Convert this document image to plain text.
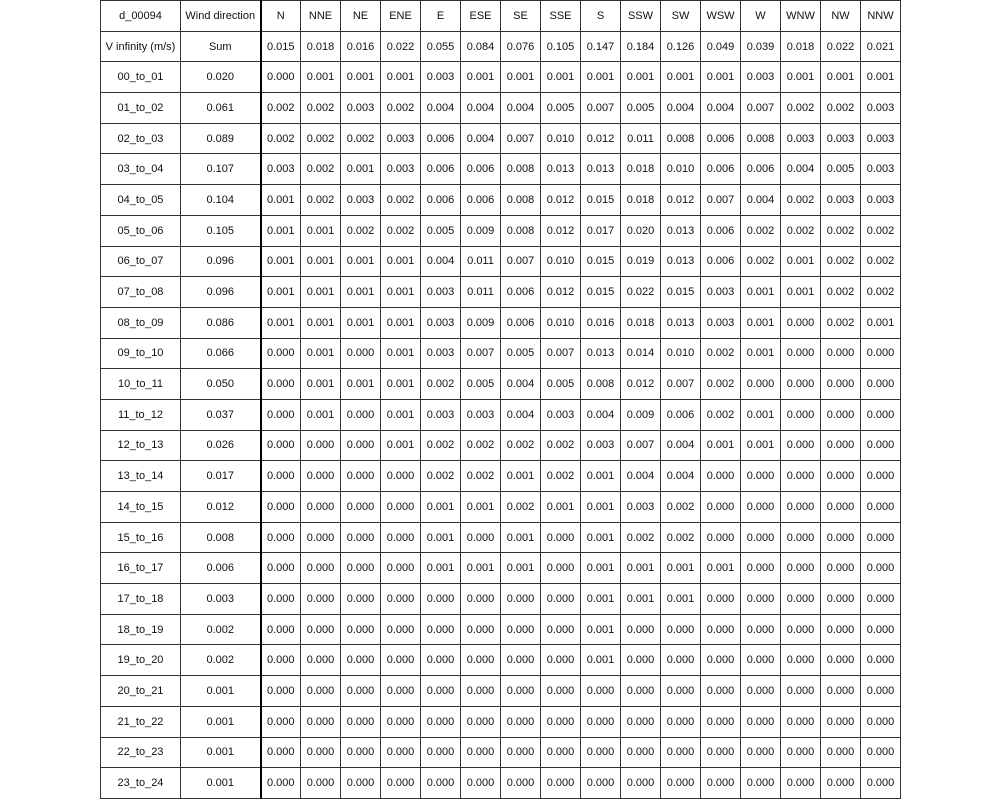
d_00094	Wind direction	N	NNE	NE	ENE	E	ESE	SE	SSE	S	SSW	SW	WSW	W	WNW	NW	NNW
V infinity (m/s)	Sum	0.015	0.018	0.016	0.022	0.055	0.084	0.076	0.105	0.147	0.184	0.126	0.049	0.039	0.018	0.022	0.021
00_to_01	0.020	0.000	0.001	0.001	0.001	0.003	0.001	0.001	0.001	0.001	0.001	0.001	0.001	0.003	0.001	0.001	0.001
01_to_02	0.061	0.002	0.002	0.003	0.002	0.004	0.004	0.004	0.005	0.007	0.005	0.004	0.004	0.007	0.002	0.002	0.003
02_to_03	0.089	0.002	0.002	0.002	0.003	0.006	0.004	0.007	0.010	0.012	0.011	0.008	0.006	0.008	0.003	0.003	0.003
03_to_04	0.107	0.003	0.002	0.001	0.003	0.006	0.006	0.008	0.013	0.013	0.018	0.010	0.006	0.006	0.004	0.005	0.003
04_to_05	0.104	0.001	0.002	0.003	0.002	0.006	0.006	0.008	0.012	0.015	0.018	0.012	0.007	0.004	0.002	0.003	0.003
05_to_06	0.105	0.001	0.001	0.002	0.002	0.005	0.009	0.008	0.012	0.017	0.020	0.013	0.006	0.002	0.002	0.002	0.002
06_to_07	0.096	0.001	0.001	0.001	0.001	0.004	0.011	0.007	0.010	0.015	0.019	0.013	0.006	0.002	0.001	0.002	0.002
07_to_08	0.096	0.001	0.001	0.001	0.001	0.003	0.011	0.006	0.012	0.015	0.022	0.015	0.003	0.001	0.001	0.002	0.002
08_to_09	0.086	0.001	0.001	0.001	0.001	0.003	0.009	0.006	0.010	0.016	0.018	0.013	0.003	0.001	0.000	0.002	0.001
09_to_10	0.066	0.000	0.001	0.000	0.001	0.003	0.007	0.005	0.007	0.013	0.014	0.010	0.002	0.001	0.000	0.000	0.000
10_to_11	0.050	0.000	0.001	0.001	0.001	0.002	0.005	0.004	0.005	0.008	0.012	0.007	0.002	0.000	0.000	0.000	0.000
11_to_12	0.037	0.000	0.001	0.000	0.001	0.003	0.003	0.004	0.003	0.004	0.009	0.006	0.002	0.001	0.000	0.000	0.000
12_to_13	0.026	0.000	0.000	0.000	0.001	0.002	0.002	0.002	0.002	0.003	0.007	0.004	0.001	0.001	0.000	0.000	0.000
13_to_14	0.017	0.000	0.000	0.000	0.000	0.002	0.002	0.001	0.002	0.001	0.004	0.004	0.000	0.000	0.000	0.000	0.000
14_to_15	0.012	0.000	0.000	0.000	0.000	0.001	0.001	0.002	0.001	0.001	0.003	0.002	0.000	0.000	0.000	0.000	0.000
15_to_16	0.008	0.000	0.000	0.000	0.000	0.001	0.000	0.001	0.000	0.001	0.002	0.002	0.000	0.000	0.000	0.000	0.000
16_to_17	0.006	0.000	0.000	0.000	0.000	0.001	0.001	0.001	0.000	0.001	0.001	0.001	0.001	0.000	0.000	0.000	0.000
17_to_18	0.003	0.000	0.000	0.000	0.000	0.000	0.000	0.000	0.000	0.001	0.001	0.001	0.000	0.000	0.000	0.000	0.000
18_to_19	0.002	0.000	0.000	0.000	0.000	0.000	0.000	0.000	0.000	0.001	0.000	0.000	0.000	0.000	0.000	0.000	0.000
19_to_20	0.002	0.000	0.000	0.000	0.000	0.000	0.000	0.000	0.000	0.001	0.000	0.000	0.000	0.000	0.000	0.000	0.000
20_to_21	0.001	0.000	0.000	0.000	0.000	0.000	0.000	0.000	0.000	0.000	0.000	0.000	0.000	0.000	0.000	0.000	0.000
21_to_22	0.001	0.000	0.000	0.000	0.000	0.000	0.000	0.000	0.000	0.000	0.000	0.000	0.000	0.000	0.000	0.000	0.000
22_to_23	0.001	0.000	0.000	0.000	0.000	0.000	0.000	0.000	0.000	0.000	0.000	0.000	0.000	0.000	0.000	0.000	0.000
23_to_24	0.001	0.000	0.000	0.000	0.000	0.000	0.000	0.000	0.000	0.000	0.000	0.000	0.000	0.000	0.000	0.000	0.000
